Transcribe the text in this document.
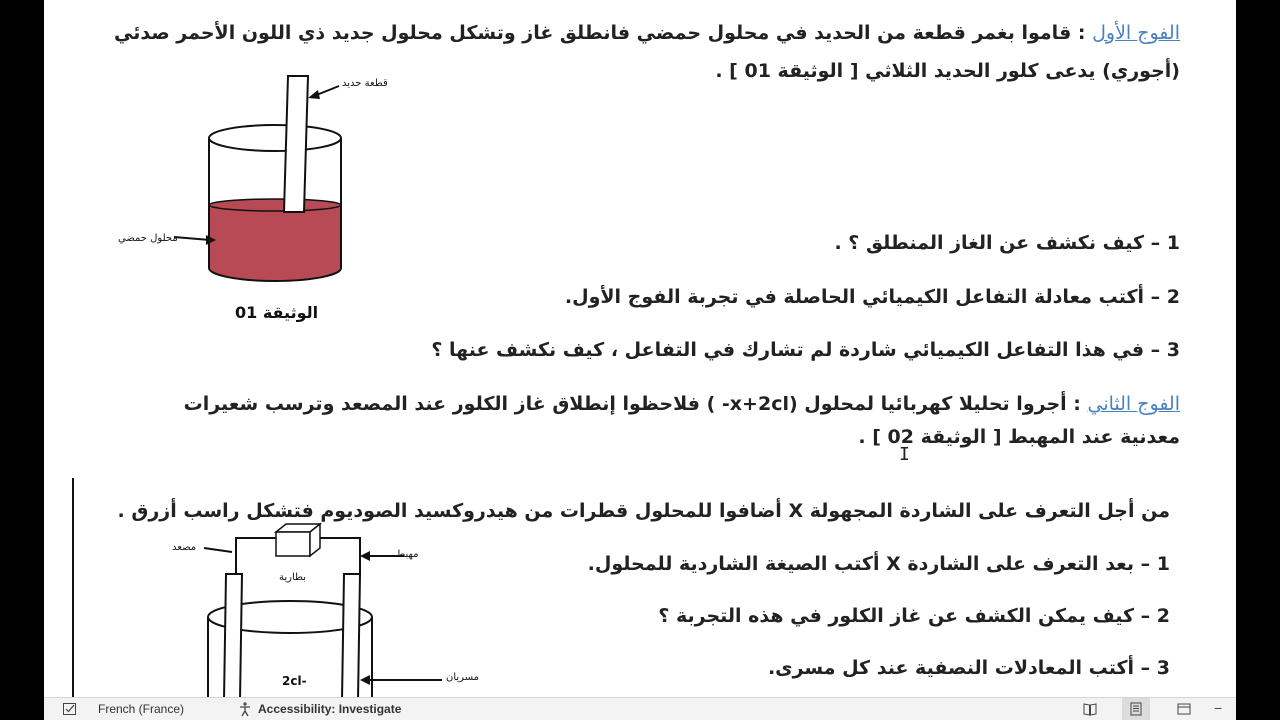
الفوج الأول : قاموا بغمر قطعة من الحديد في محلول حمضي فانطلق غاز وتشكل محلول جديد ذي اللون الأحمر صدئي
(أجوري) يدعى كلور الحديد الثلاثي [ الوثيقة 01 ] .
قطعة حديد
محلول حمضي
الوثيقة 01
1 – كيف نكشف عن الغاز المنطلق ؟ .
2 – أكتب معادلة التفاعل الكيميائي الحاصلة في تجربة الفوج الأول.
3 – في هذا التفاعل الكيميائي شاردة لم تشارك في التفاعل ، كيف نكشف عنها ؟
الفوج الثاني : أجروا تحليلا كهربائيا لمحلول (x+2cl- ) فلاحظوا إنطلاق غاز الكلور عند المصعد وترسب شعيرات
معدنية عند المهبط [ الوثيقة 02 ] .
I
من أجل التعرف على الشاردة المجهولة X أضافوا للمحلول قطرات من هيدروكسيد الصوديوم فتشكل راسب أزرق .
1 – بعد التعرف على الشاردة X أكتب الصيغة الشاردية للمحلول.
2 – كيف يمكن الكشف عن غاز الكلور في هذه التجربة ؟
3 – أكتب المعادلات النصفية عند كل مسرى.
مصعد
مهبط
بطارية
2cl-	مسريان
French (France)	Accessibility: Investigate	−
